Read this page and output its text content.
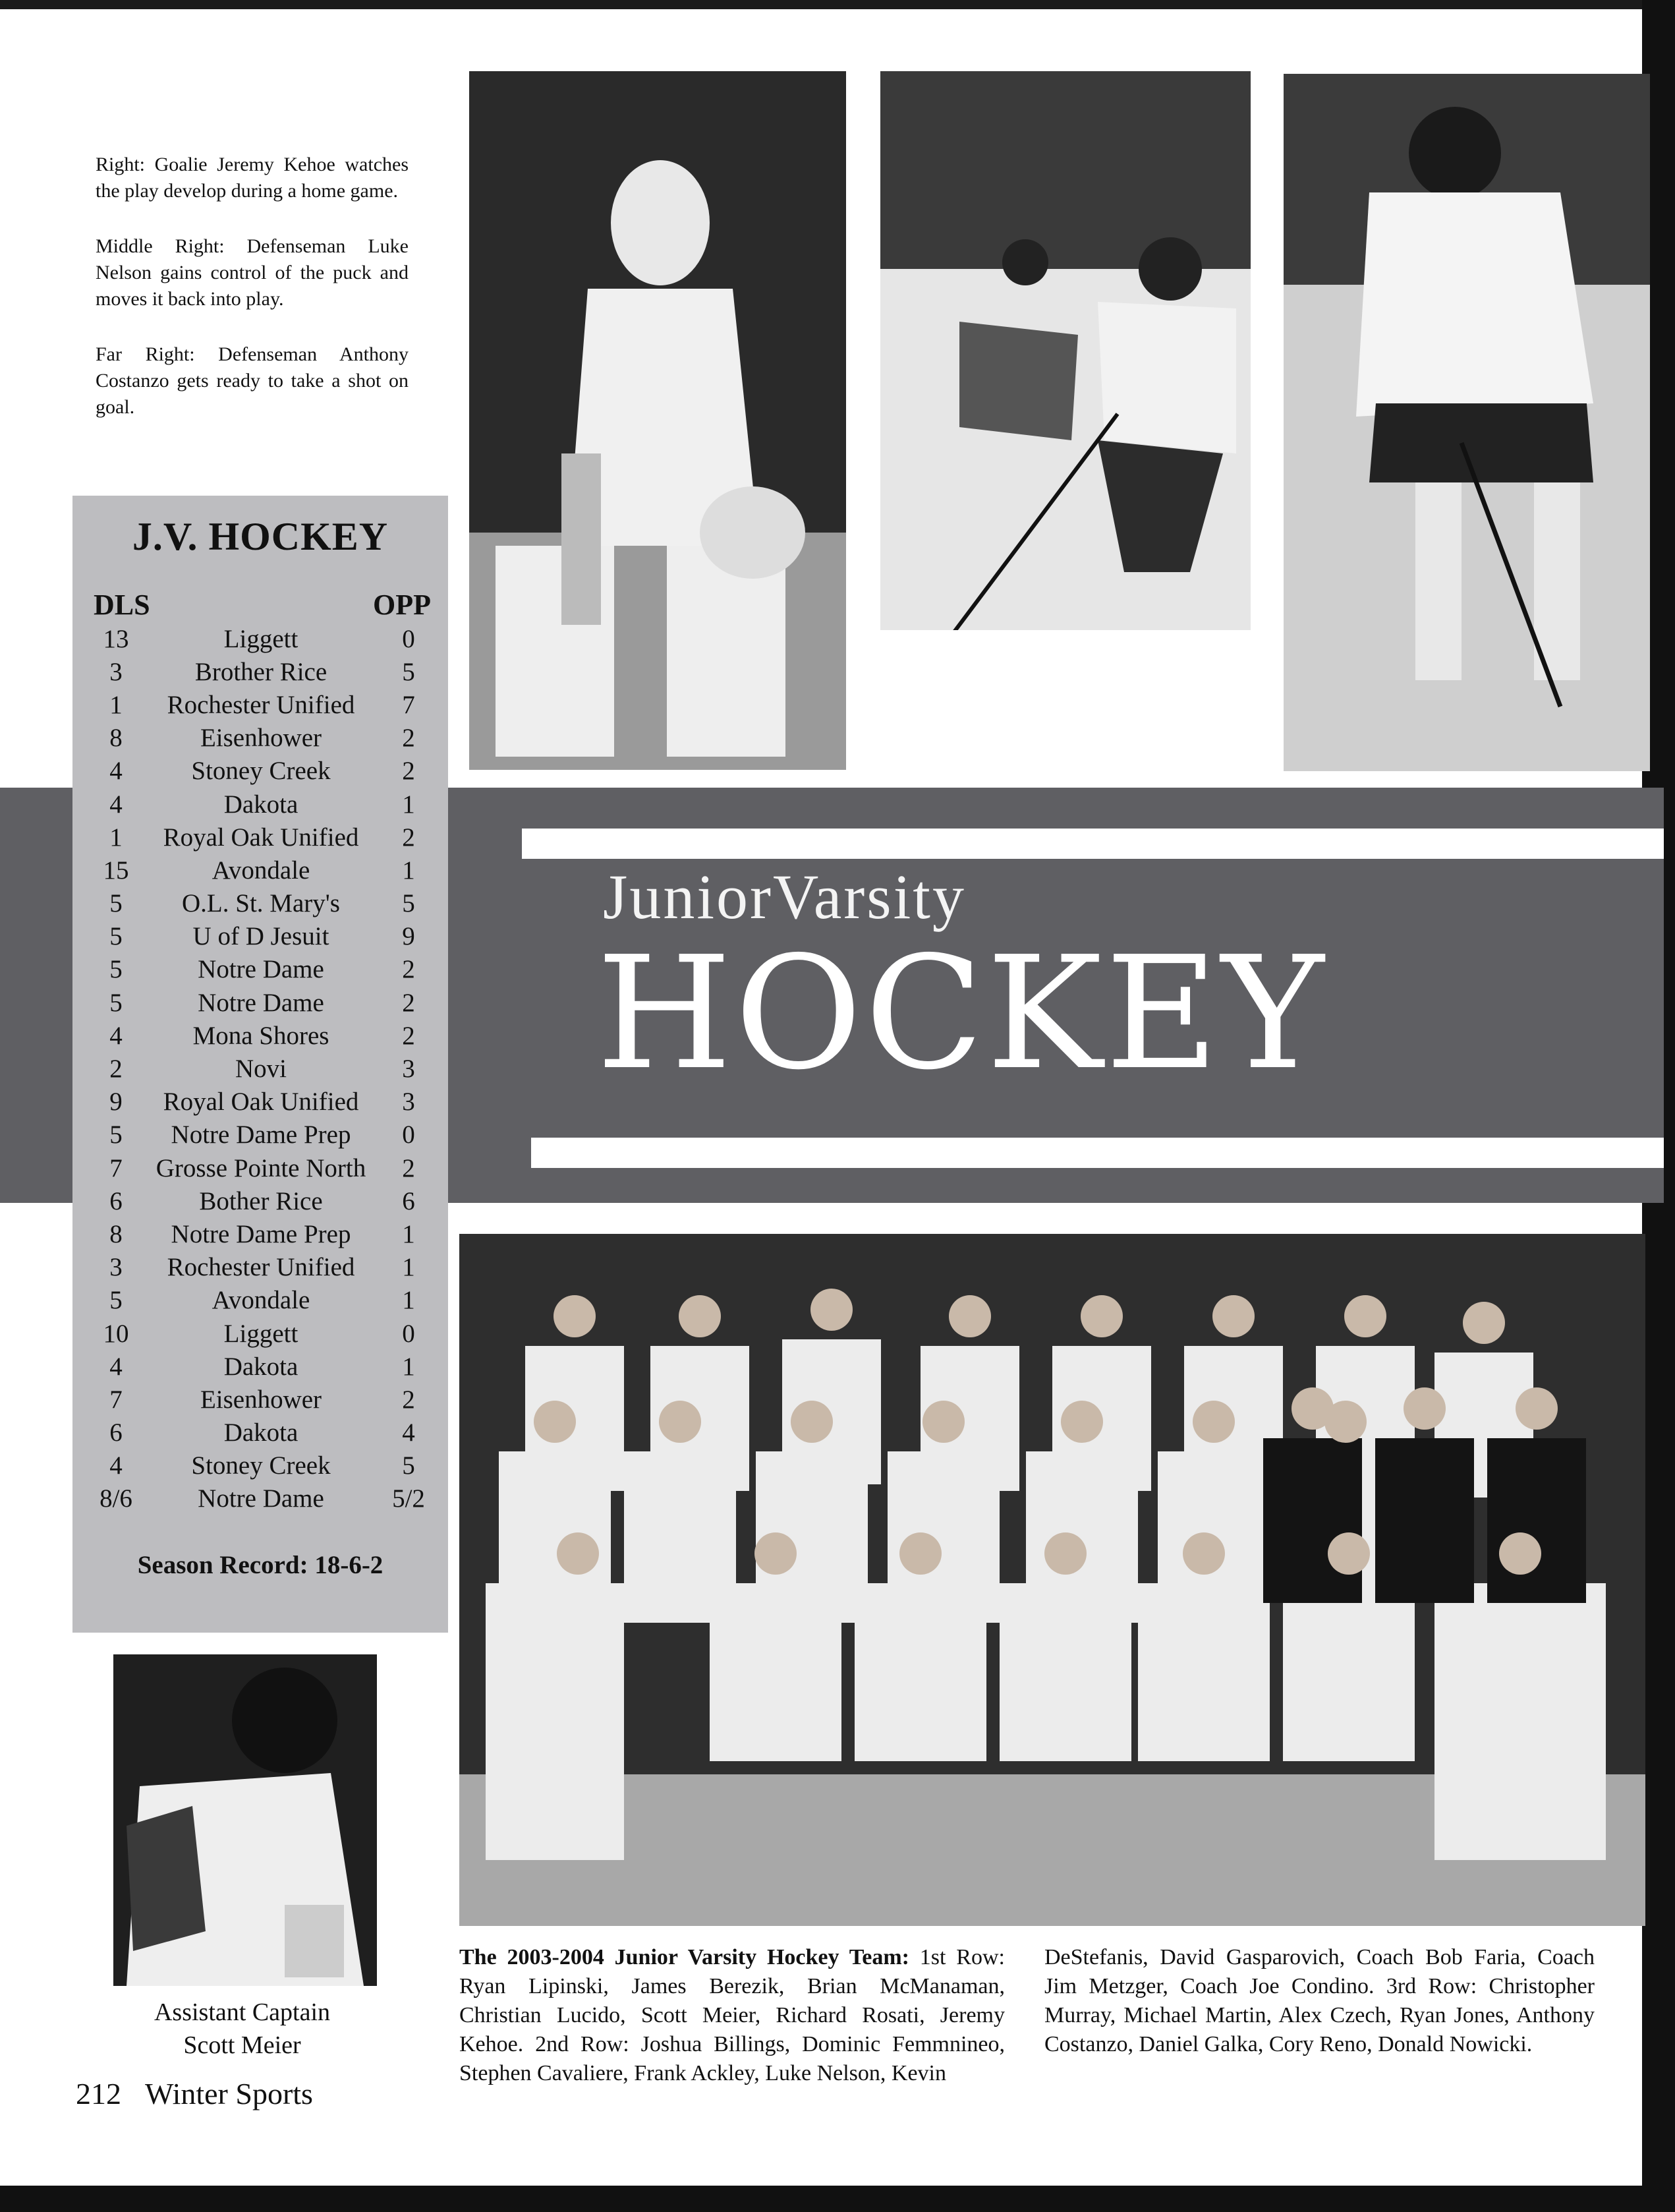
Right: Goalie Jeremy Kehoe watches the play develop during a home game.

Middle Right: Defenseman Luke Nelson gains control of the puck and moves it back into play.

Far Right: Defenseman Anthony Costanzo gets ready to take a shot on goal.

J.V. HOCKEY
DLS	OPP
13	Liggett	0
3	Brother Rice	5
1	Rochester Unified	7
8	Eisenhower	2
4	Stoney Creek	2
4	Dakota	1
1	Royal Oak Unified	2
15	Avondale	1
5	O.L. St. Mary's	5
5	U of D Jesuit	9
5	Notre Dame	2
5	Notre Dame	2
4	Mona Shores	2
2	Novi	3
9	Royal Oak Unified	3
5	Notre Dame Prep	0
7	Grosse Pointe North	2
6	Bother Rice	6
8	Notre Dame Prep	1
3	Rochester Unified	1
5	Avondale	1
10	Liggett	0
4	Dakota	1
7	Eisenhower	2
6	Dakota	4
4	Stoney Creek	5
8/6	Notre Dame	5/2
Season Record: 18-6-2
JuniorVarsity
HOCKEY
The 2003-2004 Junior Varsity Hockey Team: 1st Row: Ryan Lipinski, James Berezik, Brian McManaman, Christian Lucido, Scott Meier, Richard Rosati, Jeremy Kehoe. 2nd Row: Joshua Billings, Dominic Femmnineo, Stephen Cavaliere, Frank Ackley, Luke Nelson, Kevin
DeStefanis, David Gasparovich, Coach Bob Faria, Coach Jim Metzger, Coach Joe Condino. 3rd Row: Christopher Murray, Michael Martin, Alex Czech, Ryan Jones, Anthony Costanzo, Daniel Galka, Cory Reno, Donald Nowicki.
Assistant Captain
Scott Meier
212 Winter Sports
